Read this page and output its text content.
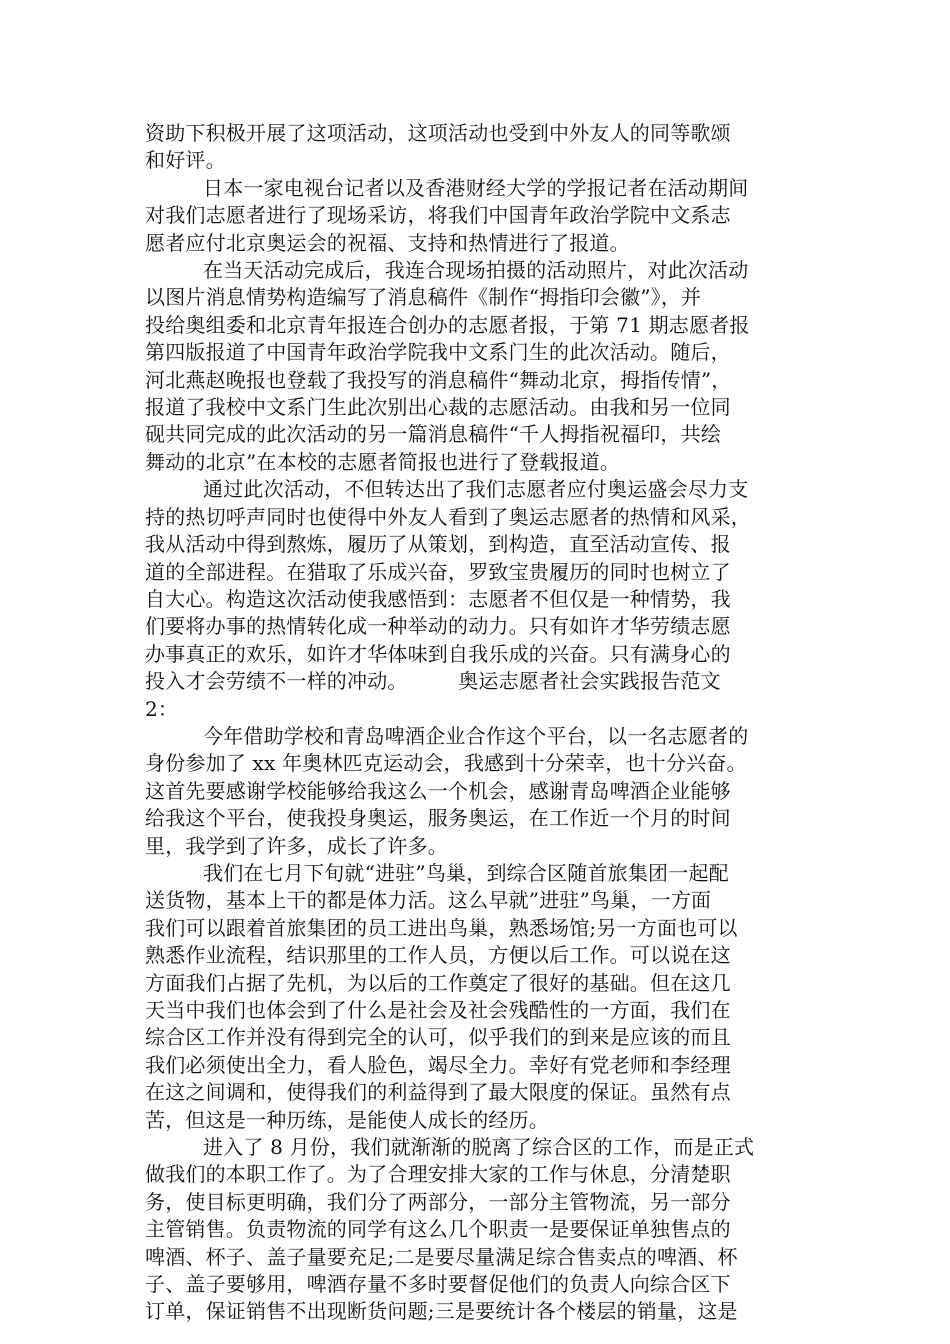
资助下积极开展了这项活动，这项活动也受到中外友人的同等歌颂
和好评。
日本一家电视台记者以及香港财经大学的学报记者在活动期间
对我们志愿者进行了现场采访，将我们中国青年政治学院中文系志
愿者应付北京奥运会的祝福、支持和热情进行了报道。
在当天活动完成后，我连合现场拍摄的活动照片，对此次活动
以图片消息情势构造编写了消息稿件《制作“拇指印会徽”》，并
投给奥组委和北京青年报连合创办的志愿者报，于第 71 期志愿者报
第四版报道了中国青年政治学院我中文系门生的此次活动。随后，
河北燕赵晚报也登载了我投写的消息稿件“舞动北京，拇指传情”，
报道了我校中文系门生此次别出心裁的志愿活动。由我和另一位同
砚共同完成的此次活动的另一篇消息稿件“千人拇指祝福印，共绘
舞动的北京”在本校的志愿者简报也进行了登载报道。
通过此次活动，不但转达出了我们志愿者应付奥运盛会尽力支
持的热切呼声同时也使得中外友人看到了奥运志愿者的热情和风采，
我从活动中得到熬炼，履历了从策划，到构造，直至活动宣传、报
道的全部进程。在猎取了乐成兴奋，罗致宝贵履历的同时也树立了
自大心。构造这次活动使我感悟到：志愿者不但仅是一种情势，我
们要将办事的热情转化成一种举动的动力。只有如许才华劳绩志愿
办事真正的欢乐，如许才华体味到自我乐成的兴奋。只有满身心的
投入才会劳绩不一样的冲动。　　　奥运志愿者社会实践报告范文
2：
今年借助学校和青岛啤酒企业合作这个平台，以一名志愿者的
身份参加了 xx 年奥林匹克运动会，我感到十分荣幸，也十分兴奋。
这首先要感谢学校能够给我这么一个机会，感谢青岛啤酒企业能够
给我这个平台，使我投身奥运，服务奥运，在工作近一个月的时间
里，我学到了许多，成长了许多。
我们在七月下旬就“进驻”鸟巢，到综合区随首旅集团一起配
送货物，基本上干的都是体力活。这么早就”进驻”鸟巢，一方面
我们可以跟着首旅集团的员工进出鸟巢，熟悉场馆;另一方面也可以
熟悉作业流程，结识那里的工作人员，方便以后工作。可以说在这
方面我们占据了先机，为以后的工作奠定了很好的基础。但在这几
天当中我们也体会到了什么是社会及社会残酷性的一方面，我们在
综合区工作并没有得到完全的认可，似乎我们的到来是应该的而且
我们必须使出全力，看人脸色，竭尽全力。幸好有党老师和李经理
在这之间调和，使得我们的利益得到了最大限度的保证。虽然有点
苦，但这是一种历练，是能使人成长的经历。
进入了 8 月份，我们就渐渐的脱离了综合区的工作，而是正式
做我们的本职工作了。为了合理安排大家的工作与休息，分清楚职
务，使目标更明确，我们分了两部分，一部分主管物流，另一部分
主管销售。负责物流的同学有这么几个职责一是要保证单独售点的
啤酒、杯子、盖子量要充足;二是要尽量满足综合售卖点的啤酒、杯
子、盖子要够用，啤酒存量不多时要督促他们的负责人向综合区下
订单，保证销售不出现断货问题;三是要统计各个楼层的销量，这是
